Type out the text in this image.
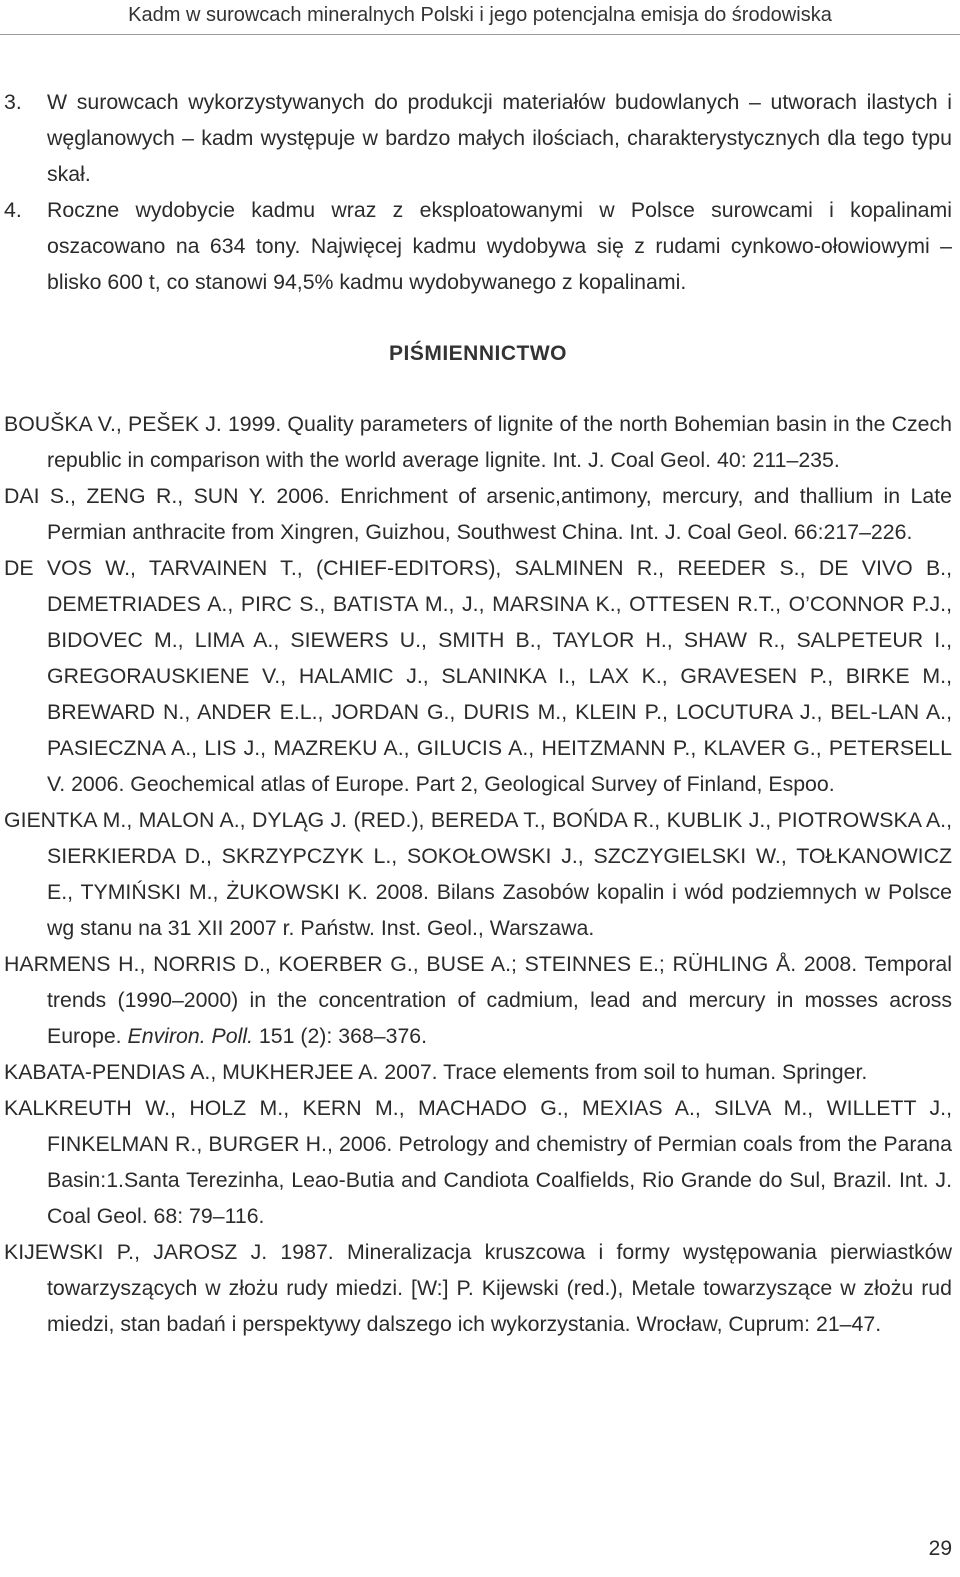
Kadm w surowcach mineralnych Polski i jego potencjalna emisja do środowiska
3. W surowcach wykorzystywanych do produkcji materiałów budowlanych – utworach ilastych i węglanowych – kadm występuje w bardzo małych ilościach, charakterystycznych dla tego typu skał.
4. Roczne wydobycie kadmu wraz z eksploatowanymi w Polsce surowcami i kopalinami oszacowano na 634 tony. Najwięcej kadmu wydobywa się z rudami cynkowo-ołowiowymi – blisko 600 t, co stanowi 94,5% kadmu wydobywanego z kopalinami.
PIŚMIENNICTWO
BOUŠKA V., PEŠEK J. 1999. Quality parameters of lignite of the north Bohemian basin in the Czech republic in comparison with the world average lignite. Int. J. Coal Geol. 40: 211–235.
DAI S., ZENG R., SUN Y. 2006. Enrichment of arsenic,antimony, mercury, and thallium in Late Permian anthracite from Xingren, Guizhou, Southwest China. Int. J. Coal Geol. 66:217–226.
DE VOS W., TARVAINEN T., (CHIEF-EDITORS), SALMINEN R., REEDER S., DE VIVO B., DEMETRIADES A., PIRC S., BATISTA M., J., MARSINA K., OTTESEN R.T., O’CONNOR P.J., BIDOVEC M., LIMA A., SIEWERS U., SMITH B., TAYLOR H., SHAW R., SALPETEUR I., GREGORAUSKIENE V., HALAMIC J., SLANINKA I., LAX K., GRAVESEN P., BIRKE M., BREWARD N., ANDER E.L., JORDAN G., DURIS M., KLEIN P., LOCUTURA J., BEL-LAN A., PASIECZNA A., LIS J., MAZREKU A., GILUCIS A., HEITZMANN P., KLAVER G., PETERSELL V. 2006. Geochemical atlas of Europe. Part 2, Geological Survey of Finland, Espoo.
GIENTKA M., MALON A., DYLĄG J. (RED.), BEREDA T., BOŃDA R., KUBLIK J., PIOTROWSKA A., SIERKIERDA D., SKRZYPCZYK L., SOKOŁOWSKI J., SZCZYGIELSKI W., TOŁKANOWICZ E., TYMIŃSKI M., ŻUKOWSKI K. 2008. Bilans Zasobów kopalin i wód podziemnych w Polsce wg stanu na 31 XII 2007 r. Państw. Inst. Geol., Warszawa.
HARMENS H., NORRIS D., KOERBER G., BUSE A.; STEINNES E.; RÜHLING Å. 2008. Temporal trends (1990–2000) in the concentration of cadmium, lead and mercury in mosses across Europe. Environ. Poll. 151 (2): 368–376.
KABATA-PENDIAS A., MUKHERJEE A. 2007. Trace elements from soil to human. Springer.
KALKREUTH W., HOLZ M., KERN M., MACHADO G., MEXIAS A., SILVA M., WILLETT J., FINKELMAN R., BURGER H., 2006. Petrology and chemistry of Permian coals from the Parana Basin:1.Santa Terezinha, Leao-Butia and Candiota Coalfields, Rio Grande do Sul, Brazil. Int. J. Coal Geol. 68: 79–116.
KIJEWSKI P., JAROSZ J. 1987. Mineralizacja kruszcowa i formy występowania pierwiastków towarzyszących w złożu rudy miedzi. [W:] P. Kijewski (red.), Metale towarzyszące w złożu rud miedzi, stan badań i perspektywy dalszego ich wykorzystania. Wrocław, Cuprum: 21–47.
29
